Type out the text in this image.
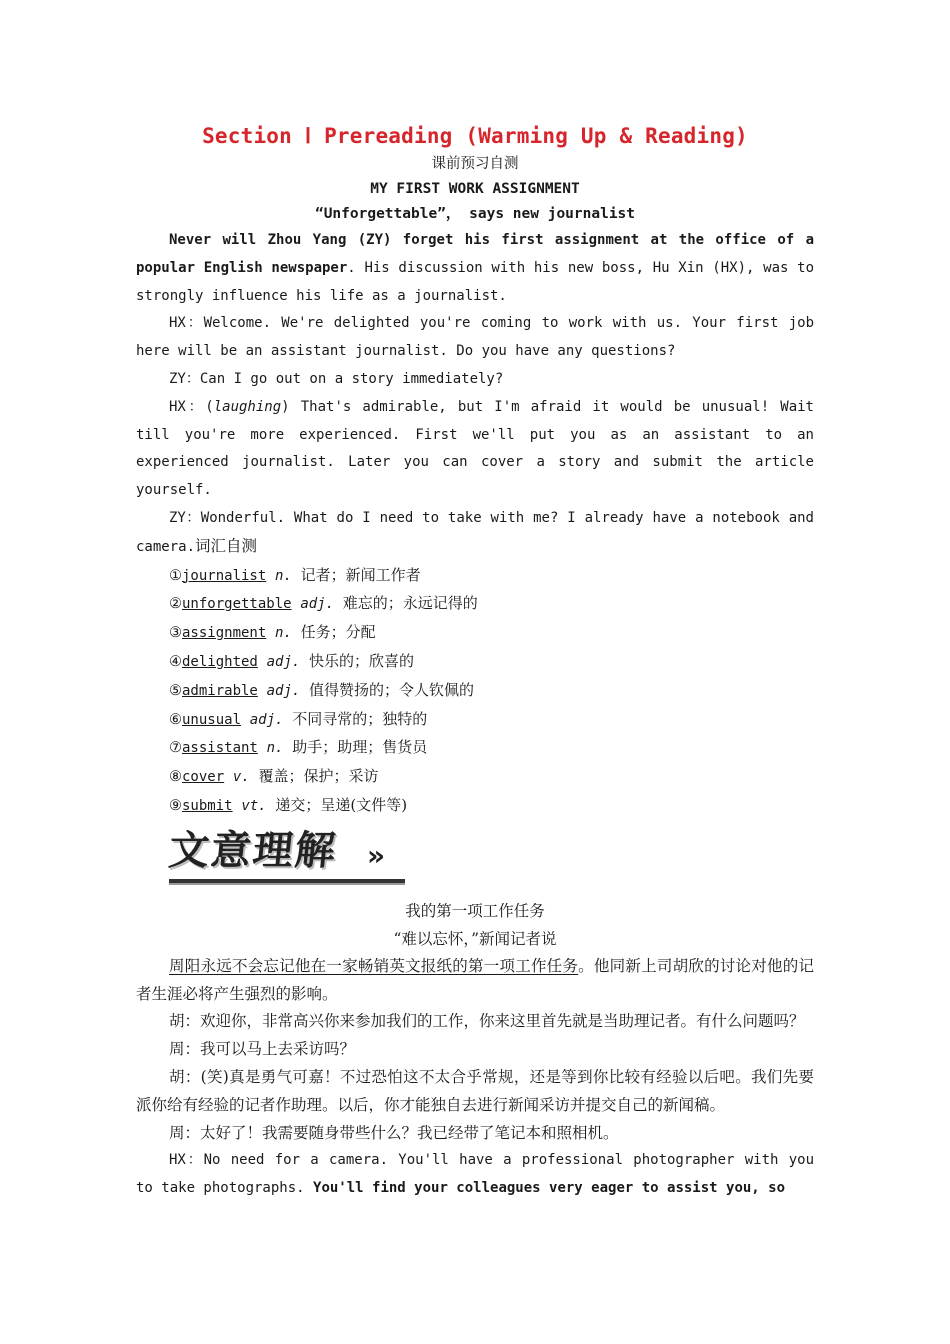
Section Ⅰ Prereading (Warming Up & Reading)
课前预习自测
MY FIRST WORK ASSIGNMENT
“Unforgettable”， says new journalist

Never will Zhou Yang (ZY) forget his first assignment at the office of a popular English newspaper. His discussion with his new boss, Hu Xin (HX), was to strongly influence his life as a journalist.

HX：Welcome. We're delighted you're coming to work with us. Your first job here will be an assistant journalist. Do you have any questions?

ZY：Can I go out on a story immediately?

HX：(laughing) That's admirable, but I'm afraid it would be unusual! Wait till you're more experienced. First we'll put you as an assistant to an experienced journalist. Later you can cover a story and submit the article yourself.

ZY：Wonderful. What do I need to take with me? I already have a notebook and camera.词汇自测

①journalist n. 记者；新闻工作者
②unforgettable adj. 难忘的；永远记得的
③assignment n. 任务；分配
④delighted adj. 快乐的；欣喜的
⑤admirable adj. 值得赞扬的；令人钦佩的
⑥unusual adj. 不同寻常的；独特的
⑦assistant n. 助手；助理；售货员
⑧cover v. 覆盖；保护；采访
⑨submit vt. 递交；呈递(文件等)
文意理解 »
我的第一项工作任务
“难以忘怀，”新闻记者说

周阳永远不会忘记他在一家畅销英文报纸的第一项工作任务。他同新上司胡欣的讨论对他的记者生涯必将产生强烈的影响。

胡：欢迎你，非常高兴你来参加我们的工作，你来这里首先就是当助理记者。有什么问题吗？

周：我可以马上去采访吗？

胡：(笑)真是勇气可嘉！不过恐怕这不太合乎常规，还是等到你比较有经验以后吧。我们先要派你给有经验的记者作助理。以后，你才能独自去进行新闻采访并提交自己的新闻稿。

周：太好了！我需要随身带些什么？我已经带了笔记本和照相机。

HX：No need for a camera. You'll have a professional photographer with you to take photographs. You'll find your colleagues very eager to assist you, so
